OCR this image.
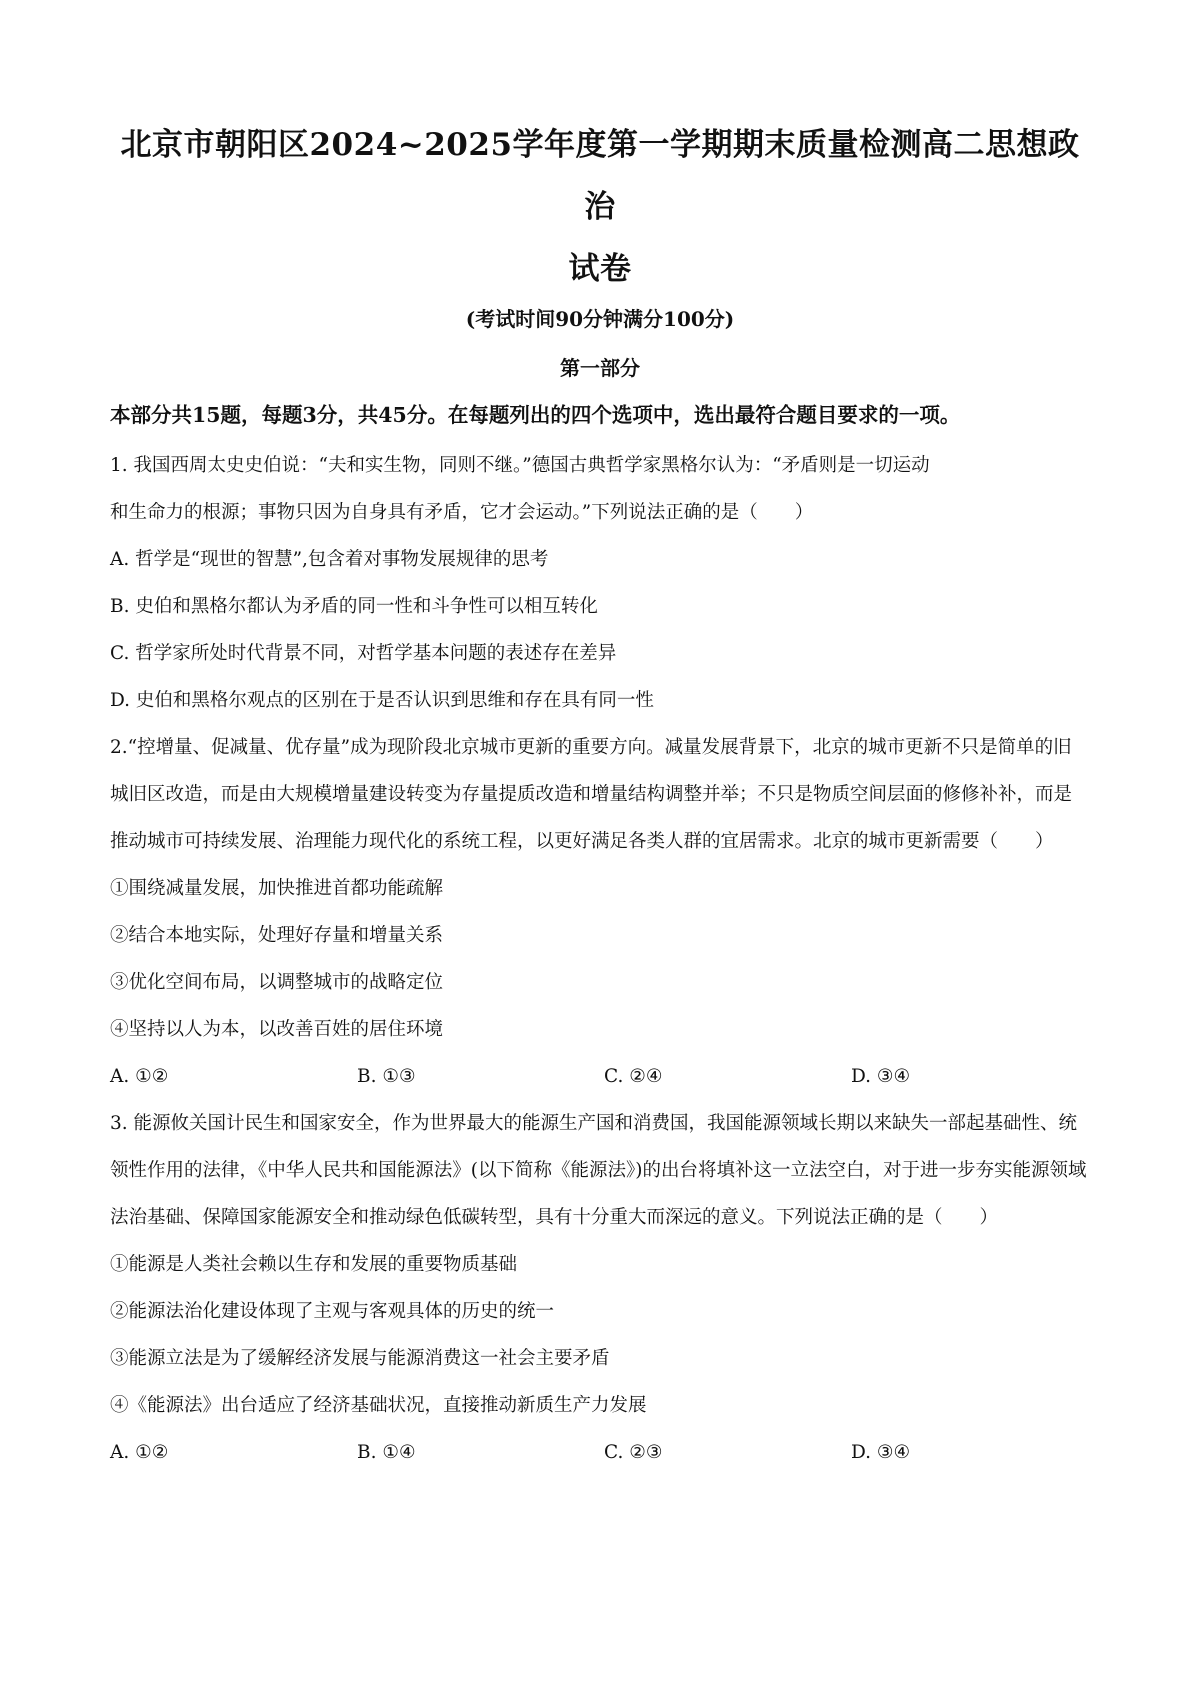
北京市朝阳区2024~2025学年度第一学期期末质量检测高二思想政治
试卷
(考试时间90分钟满分100分)
第一部分
本部分共15题，每题3分，共45分。在每题列出的四个选项中，选出最符合题目要求的一项。
1. 我国西周太史史伯说：“夫和实生物，同则不继。”德国古典哲学家黑格尔认为：“矛盾则是一切运动
和生命力的根源；事物只因为自身具有矛盾，它才会运动。”下列说法正确的是（　　）
A. 哲学是“现世的智慧”,包含着对事物发展规律的思考
B. 史伯和黑格尔都认为矛盾的同一性和斗争性可以相互转化
C. 哲学家所处时代背景不同，对哲学基本问题的表述存在差异
D. 史伯和黑格尔观点的区别在于是否认识到思维和存在具有同一性
2.“控增量、促减量、优存量”成为现阶段北京城市更新的重要方向。减量发展背景下，北京的城市更新不只是简单的旧城旧区改造，而是由大规模增量建设转变为存量提质改造和增量结构调整并举；不只是物质空间层面的修修补补，而是推动城市可持续发展、治理能力现代化的系统工程，以更好满足各类人群的宜居需求。北京的城市更新需要（　　）
①围绕减量发展，加快推进首都功能疏解
②结合本地实际，处理好存量和增量关系
③优化空间布局，以调整城市的战略定位
④坚持以人为本，以改善百姓的居住环境
A. ①②	B. ①③	C. ②④	D. ③④
3. 能源攸关国计民生和国家安全，作为世界最大的能源生产国和消费国，我国能源领域长期以来缺失一部起基础性、统领性作用的法律，《中华人民共和国能源法》(以下简称《能源法》)的出台将填补这一立法空白，对于进一步夯实能源领域法治基础、保障国家能源安全和推动绿色低碳转型，具有十分重大而深远的意义。下列说法正确的是（　　）
①能源是人类社会赖以生存和发展的重要物质基础
②能源法治化建设体现了主观与客观具体的历史的统一
③能源立法是为了缓解经济发展与能源消费这一社会主要矛盾
④《能源法》出台适应了经济基础状况，直接推动新质生产力发展
A. ①②	B. ①④	C. ②③	D. ③④
